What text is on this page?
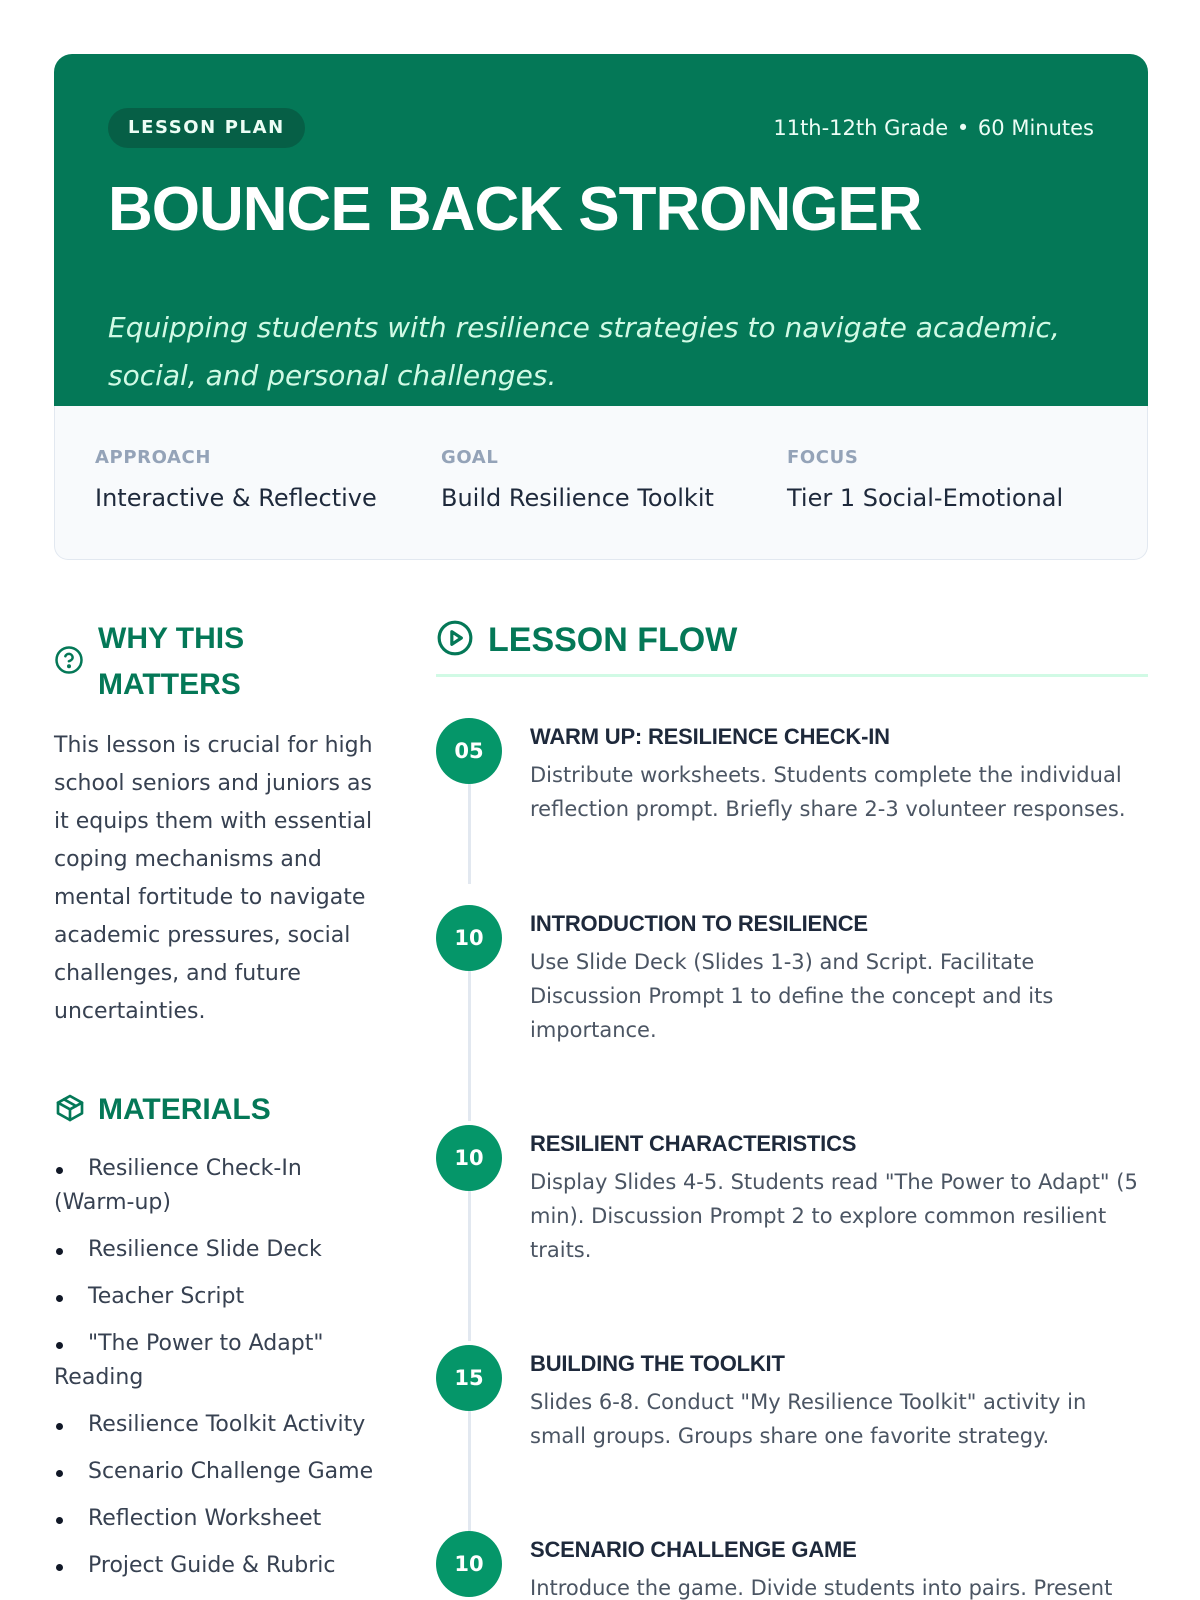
LESSON PLAN	11th-12th Grade • 60 Minutes
BOUNCE BACK STRONGER

Equipping students with resilience strategies to navigate academic, social, and personal challenges.

APPROACH
Interactive & Reflective
GOAL
Build Resilience Toolkit
FOCUS
Tier 1 Social-Emotional
WHY THIS MATTERS

This lesson is crucial for high school seniors and juniors as it equips them with essential coping mechanisms and mental fortitude to navigate academic pressures, social challenges, and future uncertainties.

MATERIALS
Resilience Check-In (Warm-up)
Resilience Slide Deck
Teacher Script
"The Power to Adapt" Reading
Resilience Toolkit Activity
Scenario Challenge Game
Reflection Worksheet
Project Guide & Rubric
LESSON FLOW
05
WARM UP: RESILIENCE CHECK-IN
Distribute worksheets. Students complete the individual reflection prompt. Briefly share 2-3 volunteer responses.
10
INTRODUCTION TO RESILIENCE
Use Slide Deck (Slides 1-3) and Script. Facilitate Discussion Prompt 1 to define the concept and its importance.
10
RESILIENT CHARACTERISTICS
Display Slides 4-5. Students read "The Power to Adapt" (5 min). Discussion Prompt 2 to explore common resilient traits.
15
BUILDING THE TOOLKIT
Slides 6-8. Conduct "My Resilience Toolkit" activity in small groups. Groups share one favorite strategy.
10
SCENARIO CHALLENGE GAME
Introduce the game. Divide students into pairs. Present
